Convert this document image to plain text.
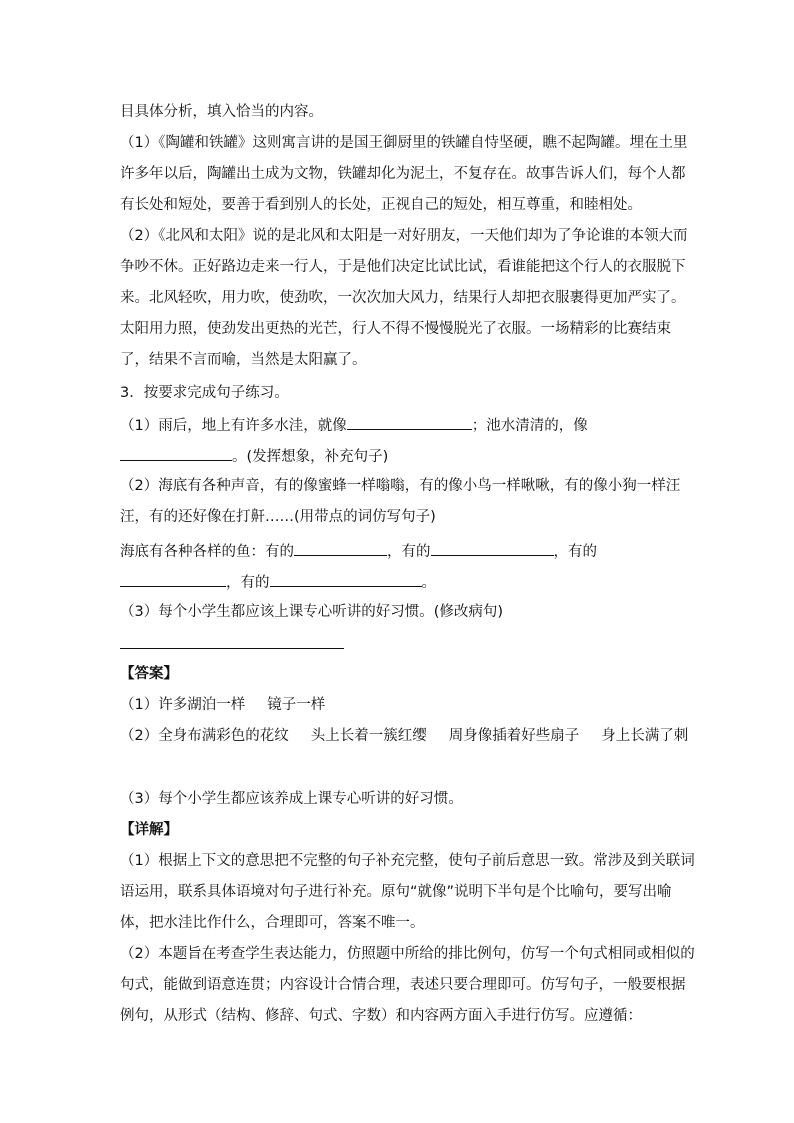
目具体分析，填入恰当的内容。
（1）《陶罐和铁罐》这则寓言讲的是国王御厨里的铁罐自恃坚硬，瞧不起陶罐。埋在土里
许多年以后，陶罐出土成为文物，铁罐却化为泥土，不复存在。故事告诉人们，每个人都
有长处和短处，要善于看到别人的长处，正视自己的短处，相互尊重，和睦相处。
（2）《北风和太阳》说的是北风和太阳是一对好朋友，一天他们却为了争论谁的本领大而
争吵不休。正好路边走来一行人，于是他们决定比试比试，看谁能把这个行人的衣服脱下
来。北风轻吹，用力吹，使劲吹，一次次加大风力，结果行人却把衣服裹得更加严实了。
太阳用力照，使劲发出更热的光芒，行人不得不慢慢脱光了衣服。一场精彩的比赛结束
了，结果不言而喻，当然是太阳赢了。
3．按要求完成句子练习。
（1）雨后，地上有许多水洼，就像	；池水清清的，像
。(发挥想象，补充句子)
（2）海底有各种声音，有的像蜜蜂一样嗡嗡，有的像小鸟一样啾啾，有的像小狗一样汪
汪，有的还好像在打鼾……(用带点的词仿写句子)
海底有各种各样的鱼：有的	，有的	，有的
，有的	。
（3）每个小学生都应该上课专心听讲的好习惯。(修改病句)
【答案】
（1）许多湖泊一样 镜子一样
（2）全身布满彩色的花纹 头上长着一簇红缨 周身像插着好些扇子 身上长满了刺
（3）每个小学生都应该养成上课专心听讲的好习惯。
【详解】
（1）根据上下文的意思把不完整的句子补充完整，使句子前后意思一致。常涉及到关联词
语运用，联系具体语境对句子进行补充。原句“就像”说明下半句是个比喻句，要写出喻
体，把水洼比作什么，合理即可，答案不唯一。
（2）本题旨在考查学生表达能力，仿照题中所给的排比例句，仿写一个句式相同或相似的
句式，能做到语意连贯；内容设计合情合理，表述只要合理即可。仿写句子，一般要根据
例句，从形式（结构、修辞、句式、字数）和内容两方面入手进行仿写。应遵循：
